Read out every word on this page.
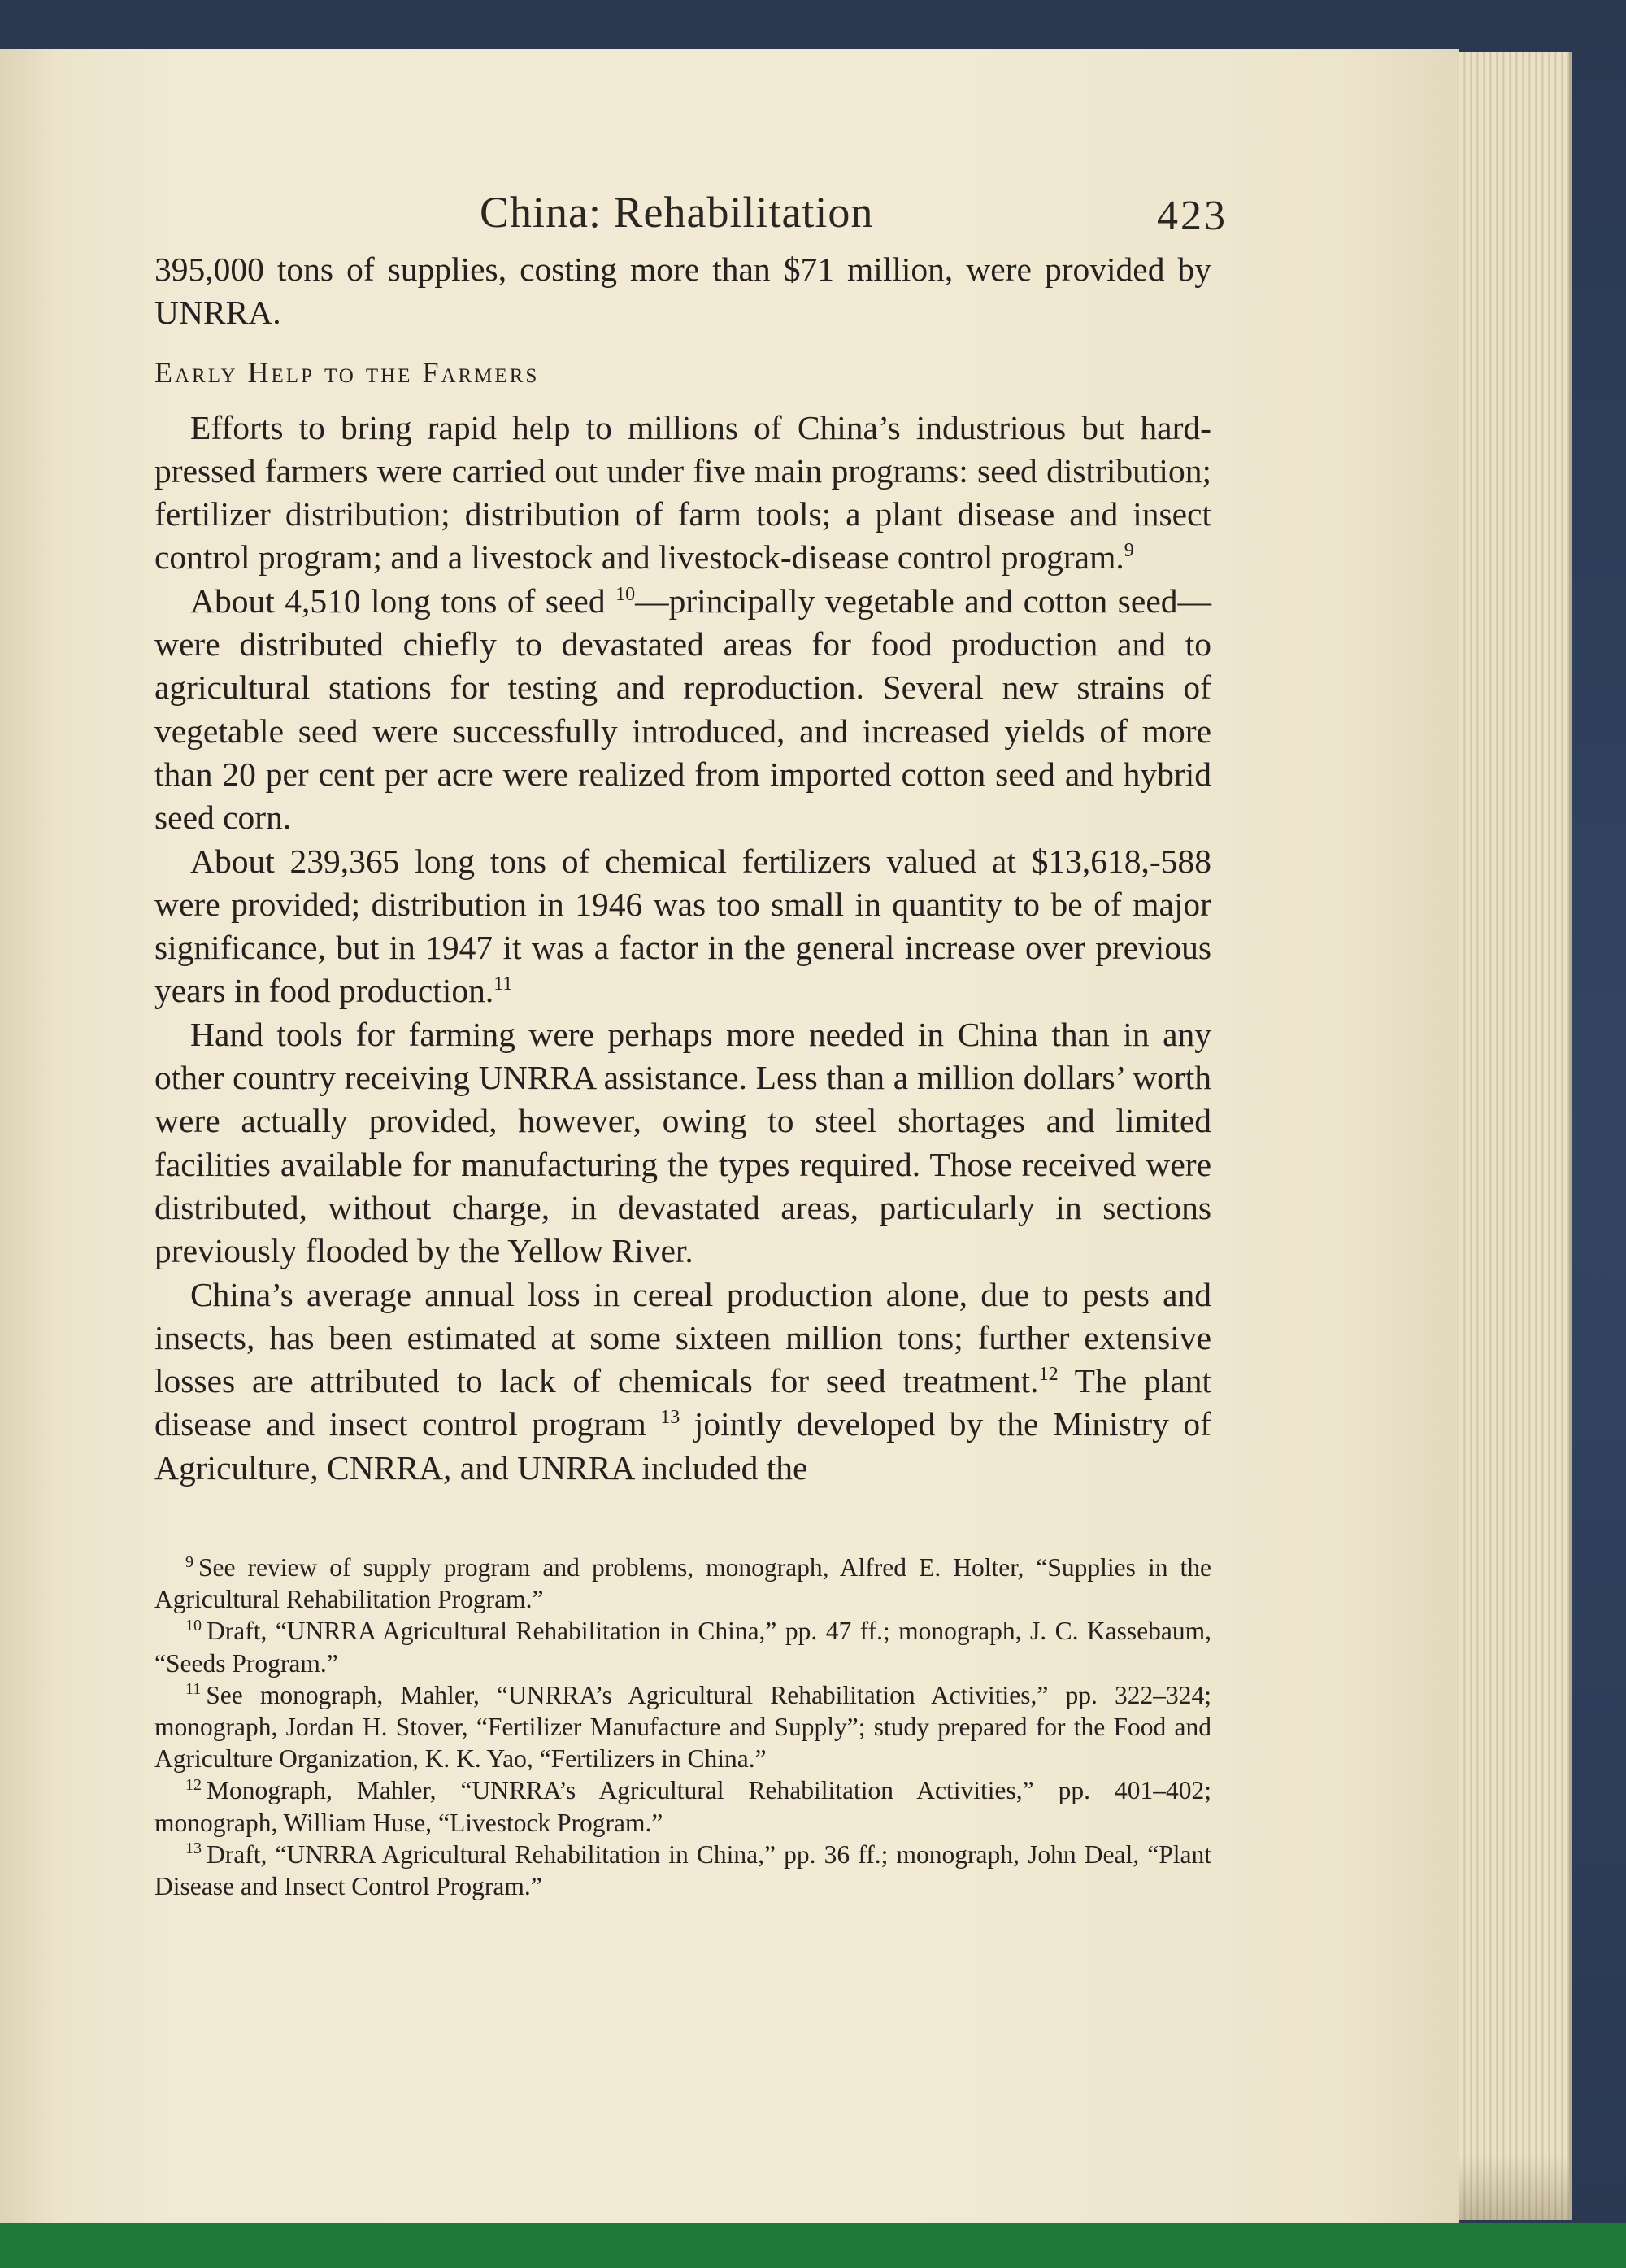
China: Rehabilitation	423

395,000 tons of supplies, costing more than $71 million, were provided by UNRRA.

Early Help to the Farmers

Efforts to bring rapid help to millions of China’s industrious but hard-pressed farmers were carried out under five main programs: seed distribution; fertilizer distribution; distribution of farm tools; a plant disease and insect control program; and a livestock and livestock-disease control program.$^9$

About 4,510 long tons of seed $^{10}$—principally vegetable and cotton seed—were distributed chiefly to devastated areas for food production and to agricultural stations for testing and reproduction. Several new strains of vegetable seed were successfully introduced, and increased yields of more than 20 per cent per acre were realized from imported cotton seed and hybrid seed corn.

About 239,365 long tons of chemical fertilizers valued at $13,618,-588 were provided; distribution in 1946 was too small in quantity to be of major significance, but in 1947 it was a factor in the general increase over previous years in food production.$^{11}$

Hand tools for farming were perhaps more needed in China than in any other country receiving UNRRA assistance. Less than a million dollars’ worth were actually provided, however, owing to steel shortages and limited facilities available for manufacturing the types required. Those received were distributed, without charge, in devastated areas, particularly in sections previously flooded by the Yellow River.

China’s average annual loss in cereal production alone, due to pests and insects, has been estimated at some sixteen million tons; further extensive losses are attributed to lack of chemicals for seed treatment.$^{12}$ The plant disease and insect control program $^{13}$ jointly developed by the Ministry of Agriculture, CNRRA, and UNRRA included the

$^9$ See review of supply program and problems, monograph, Alfred E. Holter, “Supplies in the Agricultural Rehabilitation Program.”

$^{10}$ Draft, “UNRRA Agricultural Rehabilitation in China,” pp. 47 ff.; monograph, J. C. Kassebaum, “Seeds Program.”

$^{11}$ See monograph, Mahler, “UNRRA’s Agricultural Rehabilitation Activities,” pp. 322–324; monograph, Jordan H. Stover, “Fertilizer Manufacture and Supply”; study prepared for the Food and Agriculture Organization, K. K. Yao, “Fertilizers in China.”

$^{12}$ Monograph, Mahler, “UNRRA’s Agricultural Rehabilitation Activities,” pp. 401–402; monograph, William Huse, “Livestock Program.”

$^{13}$ Draft, “UNRRA Agricultural Rehabilitation in China,” pp. 36 ff.; monograph, John Deal, “Plant Disease and Insect Control Program.”
